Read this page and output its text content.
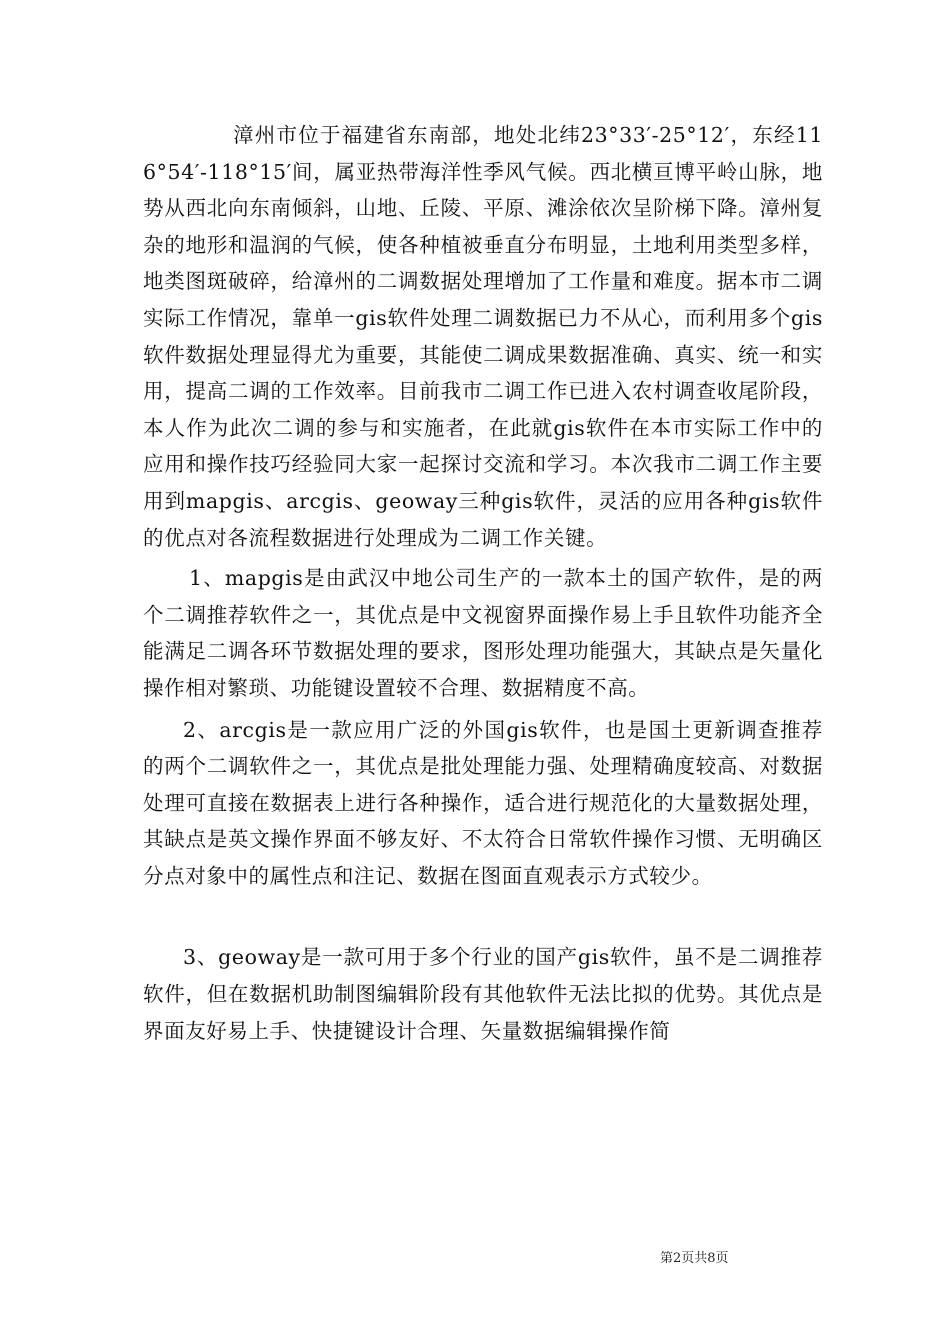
漳州市位于福建省东南部，地处北纬23°33′-25°12′，东经116°54′-118°15′间，属亚热带海洋性季风气候。西北横亘博平岭山脉，地势从西北向东南倾斜，山地、丘陵、平原、滩涂依次呈阶梯下降。漳州复杂的地形和温润的气候，使各种植被垂直分布明显，土地利用类型多样，地类图斑破碎，给漳州的二调数据处理增加了工作量和难度。据本市二调实际工作情况，靠单一gis软件处理二调数据已力不从心，而利用多个gis软件数据处理显得尤为重要，其能使二调成果数据准确、真实、统一和实用，提高二调的工作效率。目前我市二调工作已进入农村调查收尾阶段，本人作为此次二调的参与和实施者，在此就gis软件在本市实际工作中的应用和操作技巧经验同大家一起探讨交流和学习。本次我市二调工作主要用到mapgis、arcgis、geoway三种gis软件，灵活的应用各种gis软件的优点对各流程数据进行处理成为二调工作关键。

1、mapgis是由武汉中地公司生产的一款本土的国产软件，是的两个二调推荐软件之一，其优点是中文视窗界面操作易上手且软件功能齐全能满足二调各环节数据处理的要求，图形处理功能强大，其缺点是矢量化操作相对繁琐、功能键设置较不合理、数据精度不高。

2、arcgis是一款应用广泛的外国gis软件，也是国土更新调查推荐的两个二调软件之一，其优点是批处理能力强、处理精确度较高、对数据处理可直接在数据表上进行各种操作，适合进行规范化的大量数据处理，其缺点是英文操作界面不够友好、不太符合日常软件操作习惯、无明确区分点对象中的属性点和注记、数据在图面直观表示方式较少。

3、geoway是一款可用于多个行业的国产gis软件，虽不是二调推荐软件，但在数据机助制图编辑阶段有其他软件无法比拟的优势。其优点是界面友好易上手、快捷键设计合理、矢量数据编辑操作简

第2页共8页
